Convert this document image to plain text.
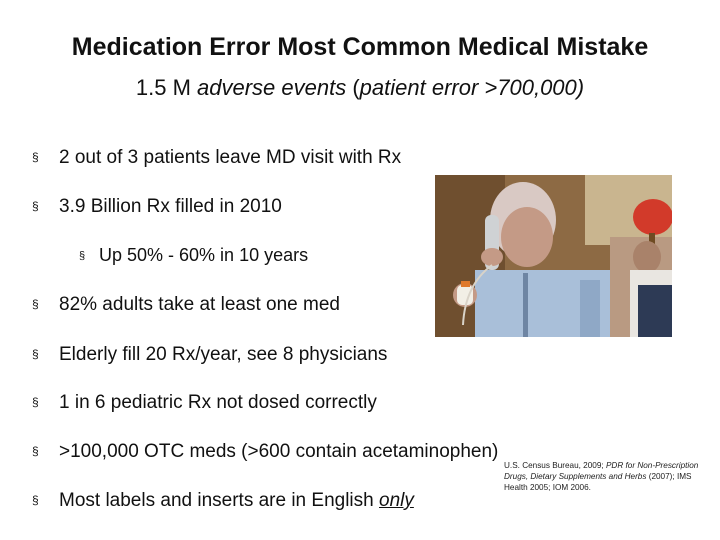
Medication Error Most Common Medical Mistake
1.5 M adverse events (patient error >700,000)
§ 2 out of 3 patients leave MD visit with Rx
§ 3.9 Billion Rx filled in 2010
§ Up 50% - 60% in 10 years
§ 82% adults take at least one med
§ Elderly fill 20 Rx/year, see 8 physicians
§ 1 in 6 pediatric Rx not dosed correctly
§ >100,000 OTC meds (>600 contain acetaminophen)
§ Most labels and inserts are in English only
U.S. Census Bureau, 2009; PDR for Non-Prescription Drugs, Dietary Supplements and Herbs (2007); IMS Health 2005; IOM 2006.
